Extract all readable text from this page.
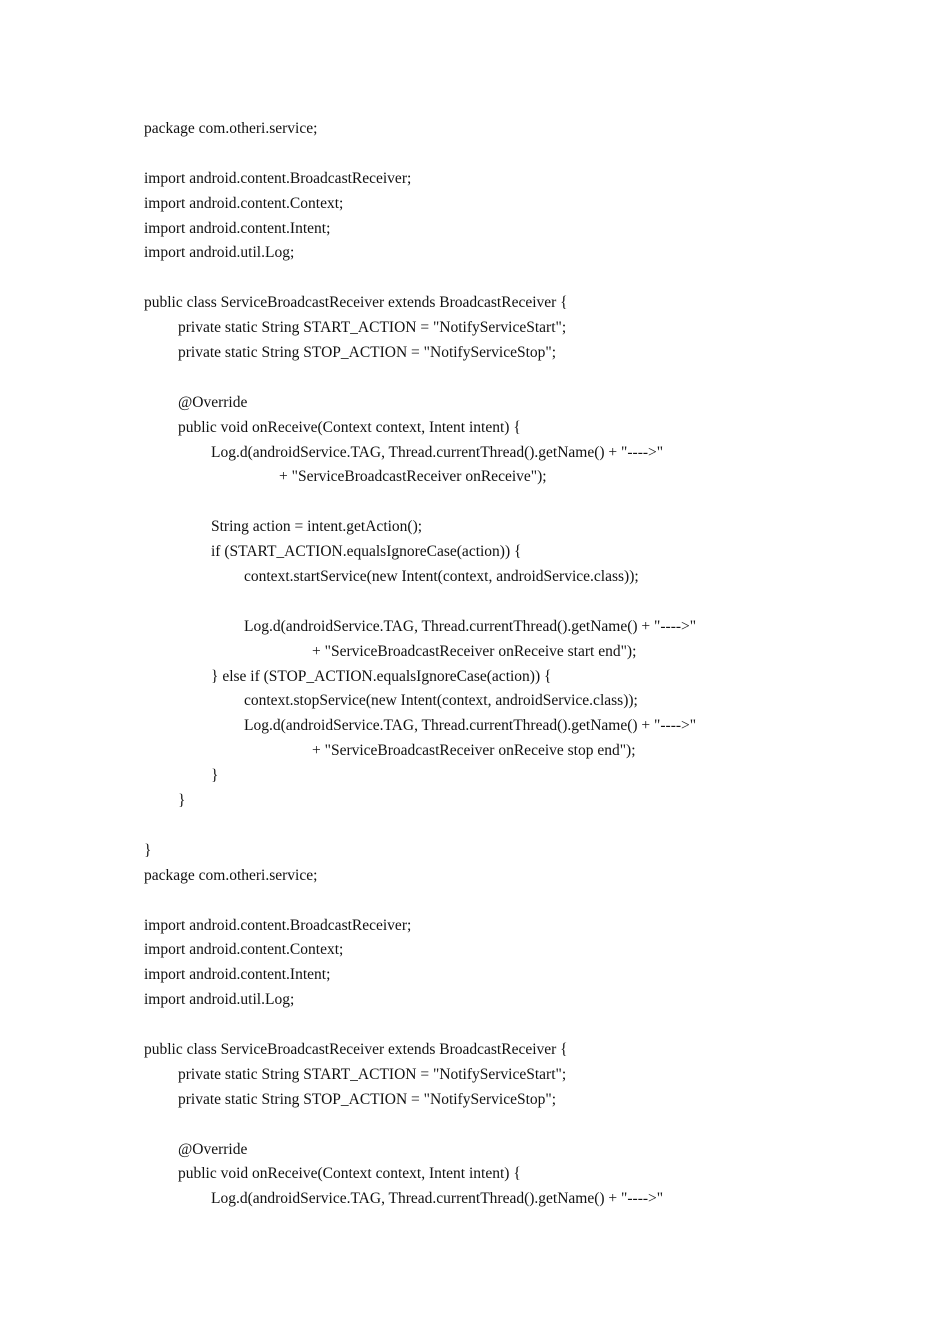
package com.otheri.service;
import android.content.BroadcastReceiver;
import android.content.Context;
import android.content.Intent;
import android.util.Log;
public class ServiceBroadcastReceiver extends BroadcastReceiver {
private static String START_ACTION = "NotifyServiceStart";
private static String STOP_ACTION = "NotifyServiceStop";
@Override
public void onReceive(Context context, Intent intent) {
Log.d(androidService.TAG, Thread.currentThread().getName() + "---->"
+ "ServiceBroadcastReceiver onReceive");
String action = intent.getAction();
if (START_ACTION.equalsIgnoreCase(action)) {
context.startService(new Intent(context, androidService.class));
Log.d(androidService.TAG, Thread.currentThread().getName() + "---->"
+ "ServiceBroadcastReceiver onReceive start end");
} else if (STOP_ACTION.equalsIgnoreCase(action)) {
context.stopService(new Intent(context, androidService.class));
Log.d(androidService.TAG, Thread.currentThread().getName() + "---->"
+ "ServiceBroadcastReceiver onReceive stop end");
}
}
}
package com.otheri.service;
import android.content.BroadcastReceiver;
import android.content.Context;
import android.content.Intent;
import android.util.Log;
public class ServiceBroadcastReceiver extends BroadcastReceiver {
private static String START_ACTION = "NotifyServiceStart";
private static String STOP_ACTION = "NotifyServiceStop";
@Override
public void onReceive(Context context, Intent intent) {
Log.d(androidService.TAG, Thread.currentThread().getName() + "---->"
